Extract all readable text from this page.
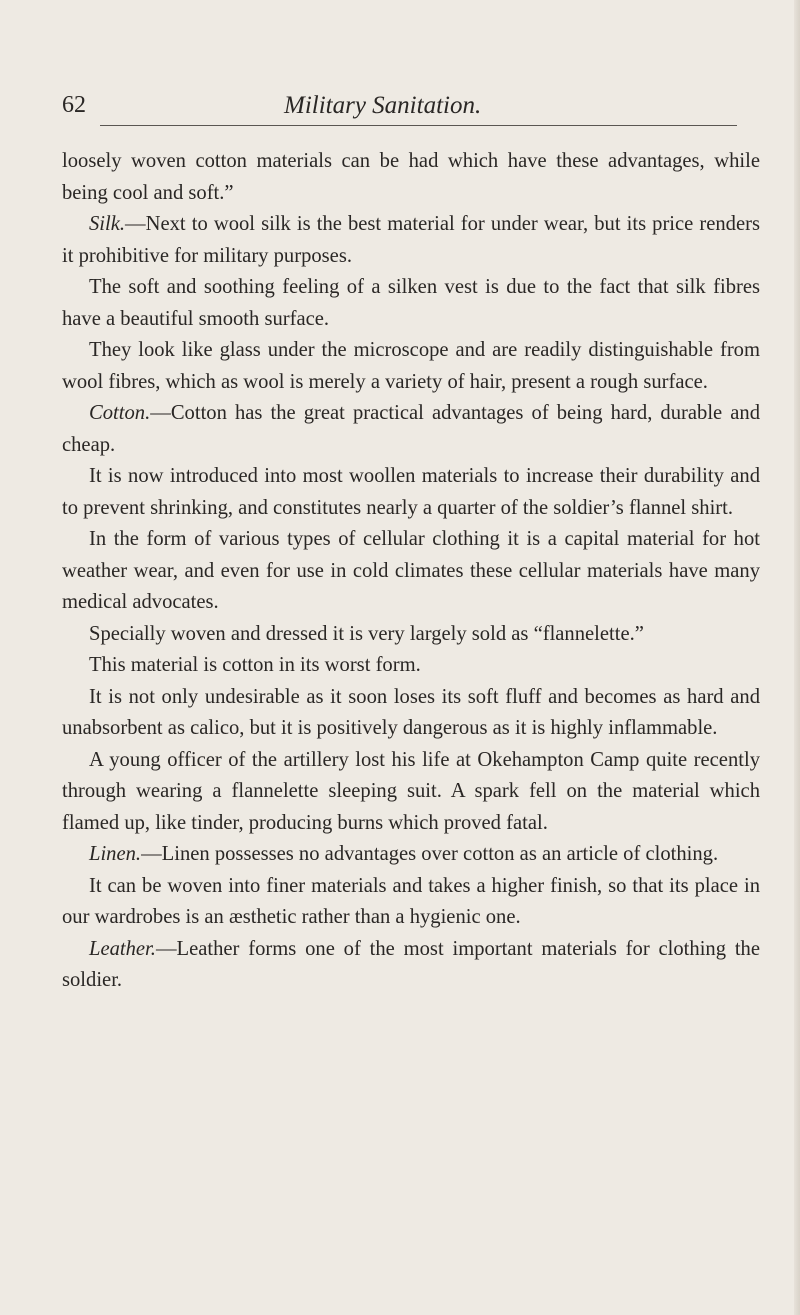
62	Military Sanitation.

loosely woven cotton materials can be had which have these advantages, while being cool and soft.”

Silk.—Next to wool silk is the best material for under wear, but its price renders it prohibitive for military purposes.

The soft and soothing feeling of a silken vest is due to the fact that silk fibres have a beautiful smooth surface.

They look like glass under the microscope and are readily distinguishable from wool fibres, which as wool is merely a variety of hair, present a rough surface.

Cotton.—Cotton has the great practical advantages of being hard, durable and cheap.

It is now introduced into most woollen materials to increase their durability and to prevent shrinking, and constitutes nearly a quarter of the soldier’s flannel shirt.

In the form of various types of cellular clothing it is a capital material for hot weather wear, and even for use in cold climates these cellular materials have many medical advocates.

Specially woven and dressed it is very largely sold as “flannelette.”

This material is cotton in its worst form.

It is not only undesirable as it soon loses its soft fluff and becomes as hard and unabsorbent as calico, but it is positively dangerous as it is highly inflammable.

A young officer of the artillery lost his life at Okehampton Camp quite recently through wearing a flannelette sleeping suit. A spark fell on the material which flamed up, like tinder, producing burns which proved fatal.

Linen.—Linen possesses no advantages over cotton as an article of clothing.

It can be woven into finer materials and takes a higher finish, so that its place in our wardrobes is an æsthetic rather than a hygienic one.

Leather.—Leather forms one of the most important materials for clothing the soldier.
